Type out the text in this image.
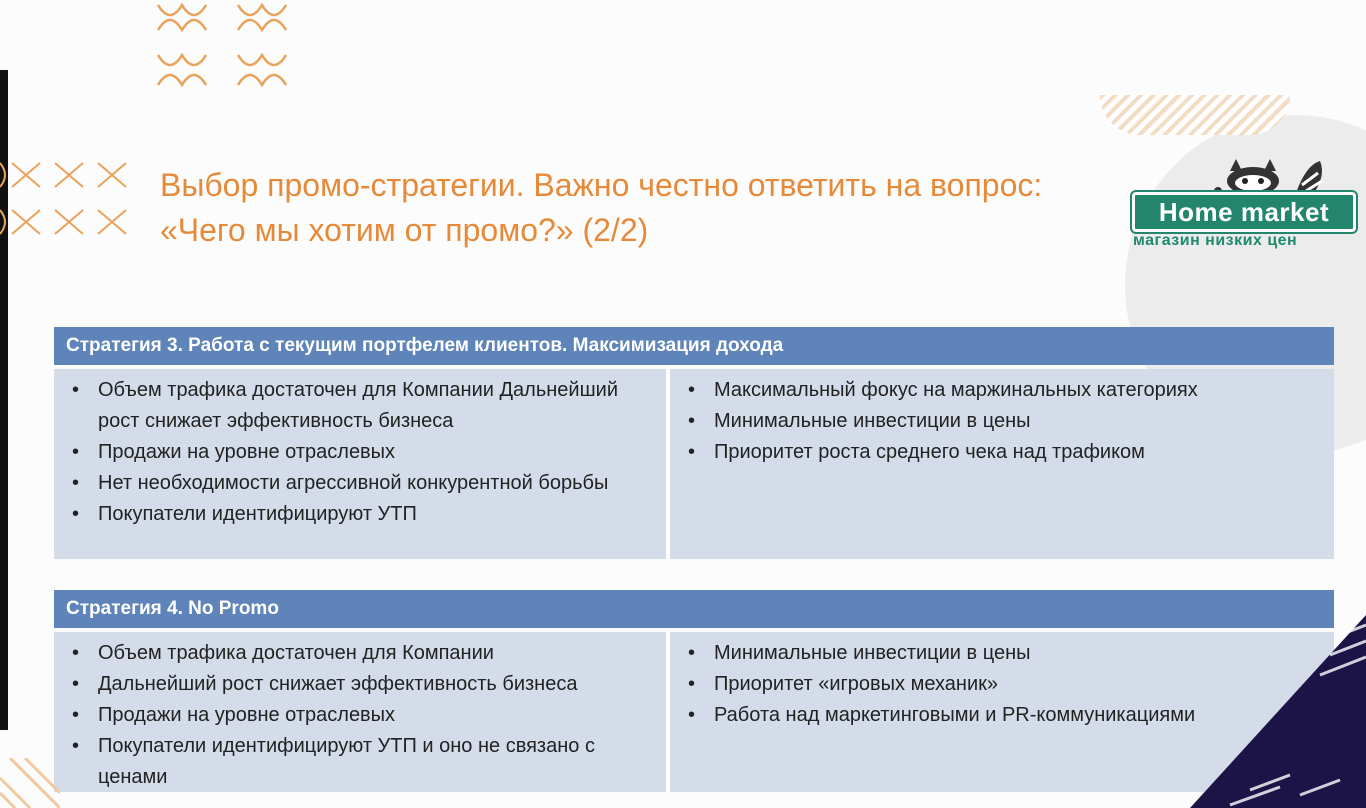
Home market
магазин низких цен
Выбор промо-стратегии. Важно честно ответить на вопрос: «Чего мы хотим от промо?» (2/2)
Стратегия 3. Работа с текущим портфелем клиентов. Максимизация дохода
• Объем трафика достаточен для Компании Дальнейший рост снижает эффективность бизнеса
• Продажи на уровне отраслевых
• Нет необходимости агрессивной конкурентной борьбы
• Покупатели идентифицируют УТП
• Максимальный фокус на маржинальных категориях
• Минимальные инвестиции в цены
• Приоритет роста среднего чека над трафиком
Стратегия 4. No Promo
• Объем трафика достаточен для Компании
• Дальнейший рост снижает эффективность бизнеса
• Продажи на уровне отраслевых
• Покупатели идентифицируют УТП и оно не связано с ценами
• Минимальные инвестиции в цены
• Приоритет «игровых механик»
• Работа над маркетинговыми и PR-коммуникациями
